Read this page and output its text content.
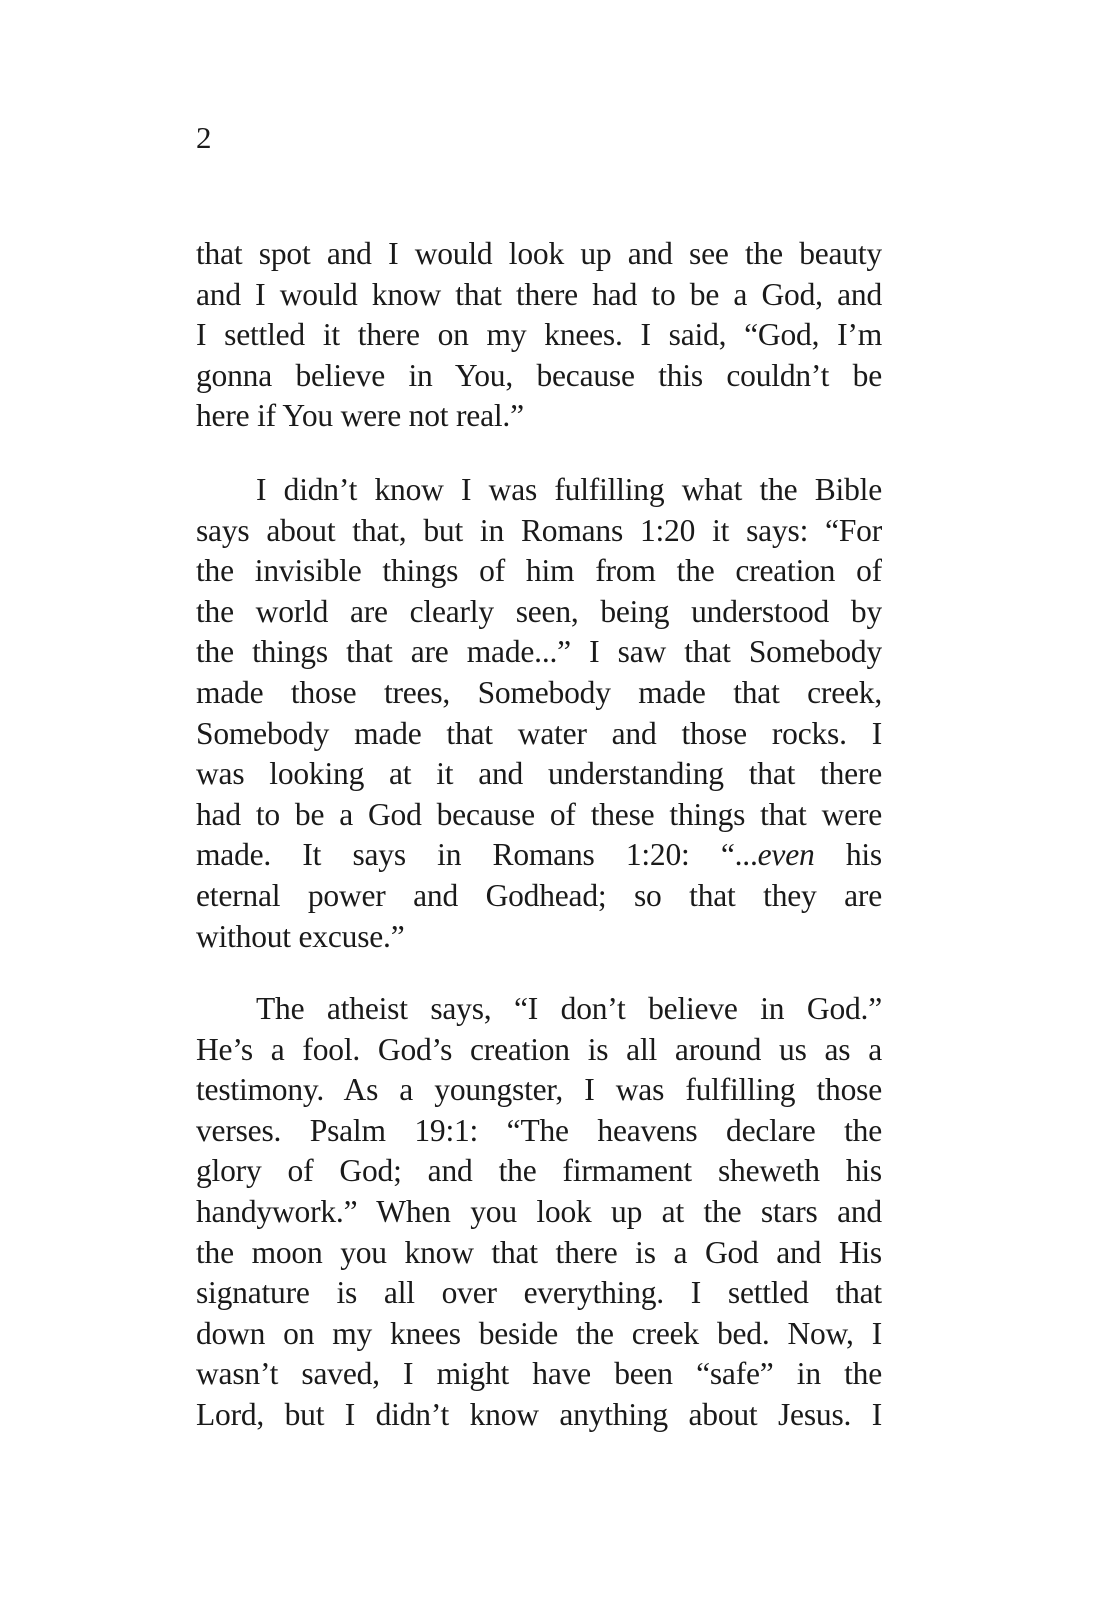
2
that spot and I would look up and see the beauty
and I would know that there had to be a God, and
I settled it there on my knees. I said, “God, I’m
gonna believe in You, because this couldn’t be
here if You were not real.”
I didn’t know I was fulfilling what the Bible
says about that, but in Romans 1:20 it says: “For
the invisible things of him from the creation of
the world are clearly seen, being understood by
the things that are made...” I saw that Somebody
made those trees, Somebody made that creek,
Somebody made that water and those rocks. I
was looking at it and understanding that there
had to be a God because of these things that were
made. It says in Romans 1:20: “...even his
eternal power and Godhead; so that they are
without excuse.”
The atheist says, “I don’t believe in God.”
He’s a fool. God’s creation is all around us as a
testimony. As a youngster, I was fulfilling those
verses. Psalm 19:1: “The heavens declare the
glory of God; and the firmament sheweth his
handywork.” When you look up at the stars and
the moon you know that there is a God and His
signature is all over everything. I settled that
down on my knees beside the creek bed. Now, I
wasn’t saved, I might have been “safe” in the
Lord, but I didn’t know anything about Jesus. I
